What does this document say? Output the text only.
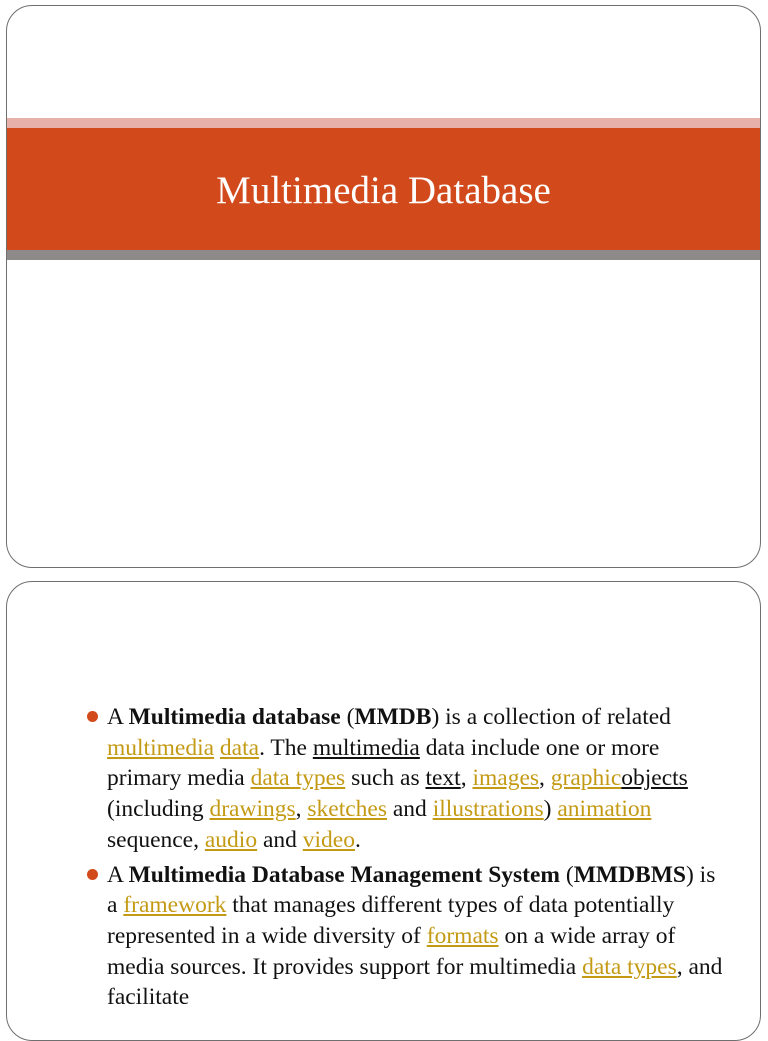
Multimedia Database
A Multimedia database (MMDB) is a collection of related multimedia data. The multimedia data include one or more primary media data types such as text, images, graphicobjects (including drawings, sketches and illustrations) animation sequence, audio and video.
A Multimedia Database Management System (MMDBMS) is a framework that manages different types of data potentially represented in a wide diversity of formats on a wide array of media sources. It provides support for multimedia data types, and facilitate
